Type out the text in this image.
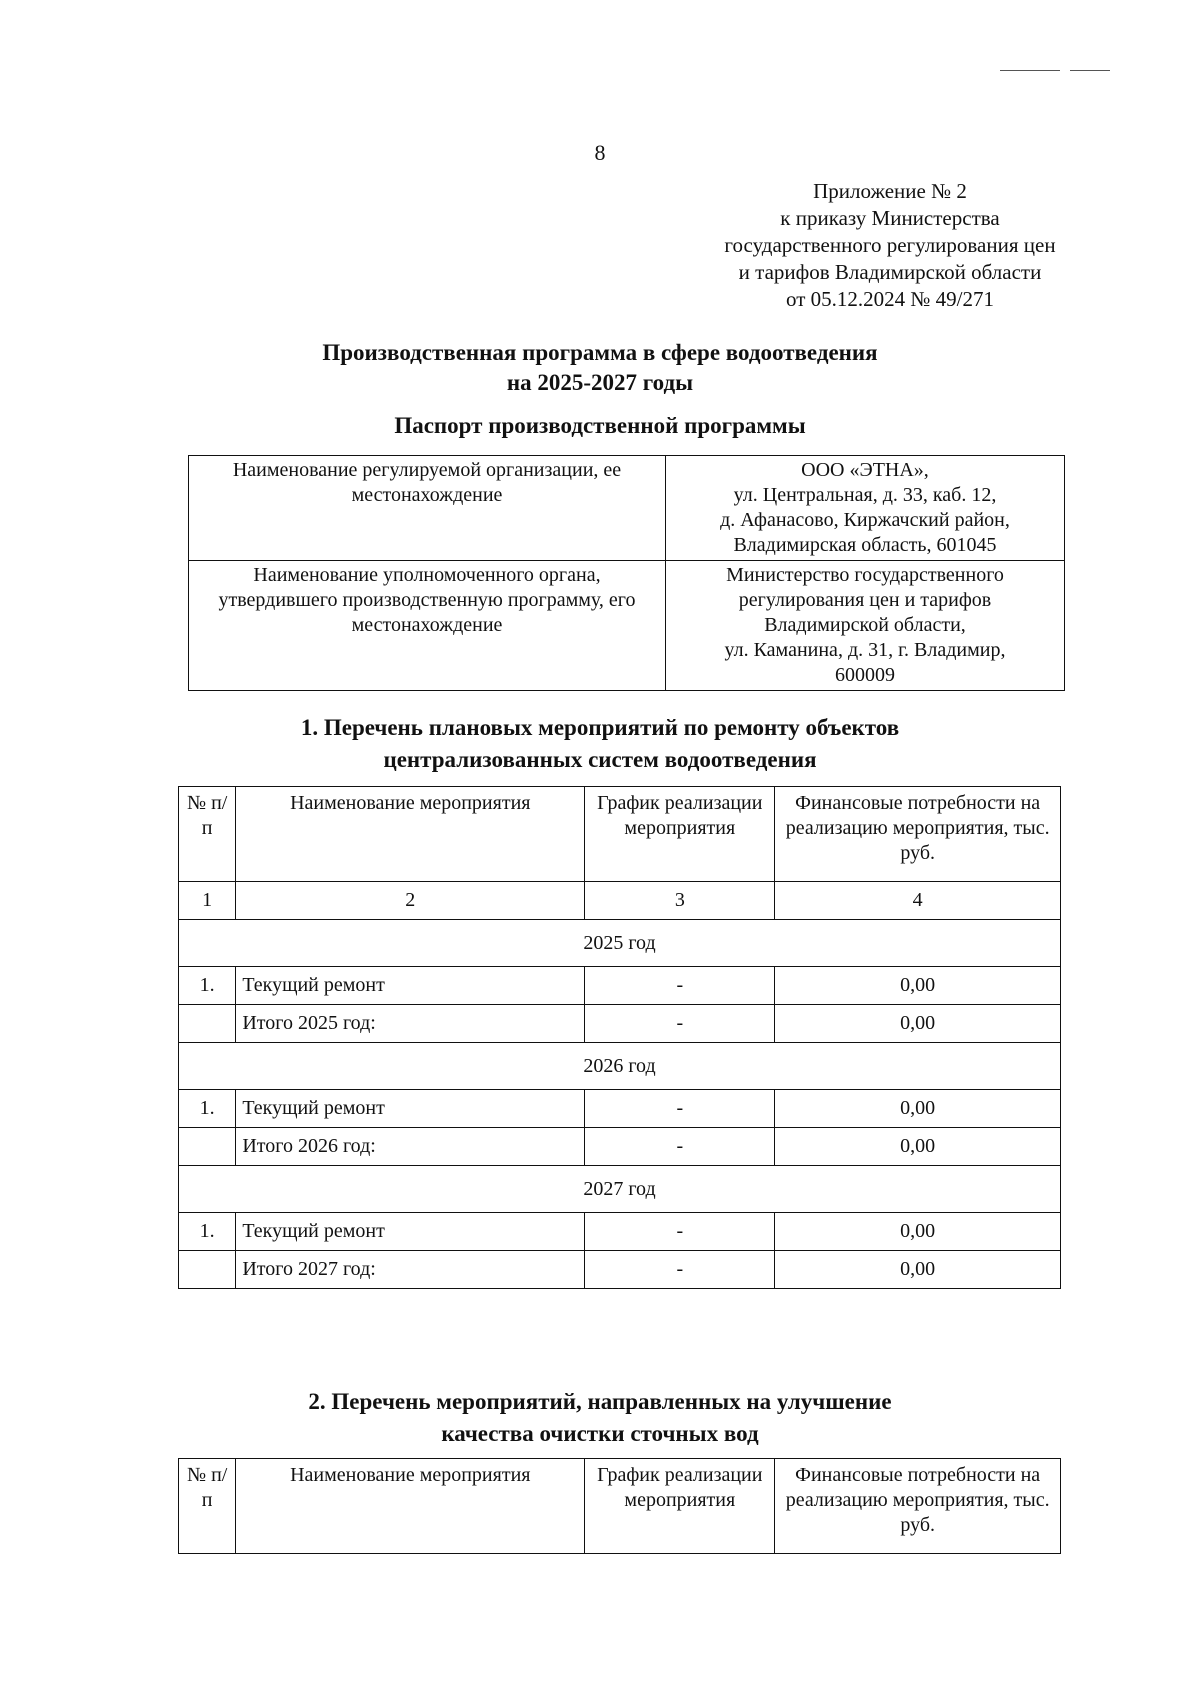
8
Приложение № 2
к приказу Министерства
государственного регулирования цен
и тарифов Владимирской области
от 05.12.2024 № 49/271
Производственная программа в сфере водоотведения
на 2025-2027 годы
Паспорт производственной программы
Наименование регулируемой организации, ее местонахождение	ООО «ЭТНА»,
ул. Центральная, д. 33, каб. 12,
д. Афанасово, Киржачский район,
Владимирская область, 601045

Наименование уполномоченного органа, утвердившего производственную программу, его местонахождение	Министерство государственного
регулирования цен и тарифов
Владимирской области,
ул. Каманина, д. 31, г. Владимир,
600009
1. Перечень плановых мероприятий по ремонту объектов
централизованных систем водоотведения
№ п/п	Наименование мероприятия	График реализации мероприятия	Финансовые потребности на реализацию мероприятия, тыс. руб.
1	2	3	4
2025 год			
1.	Текущий ремонт	-	0,00
	Итого 2025 год:	-	0,00
2026 год			
1.	Текущий ремонт	-	0,00
	Итого 2026 год:	-	0,00
2027 год			
1.	Текущий ремонт	-	0,00
	Итого 2027 год:	-	0,00
2. Перечень мероприятий, направленных на улучшение
качества очистки сточных вод
№ п/п	Наименование мероприятия	График реализации мероприятия	Финансовые потребности на реализацию мероприятия, тыс. руб.
